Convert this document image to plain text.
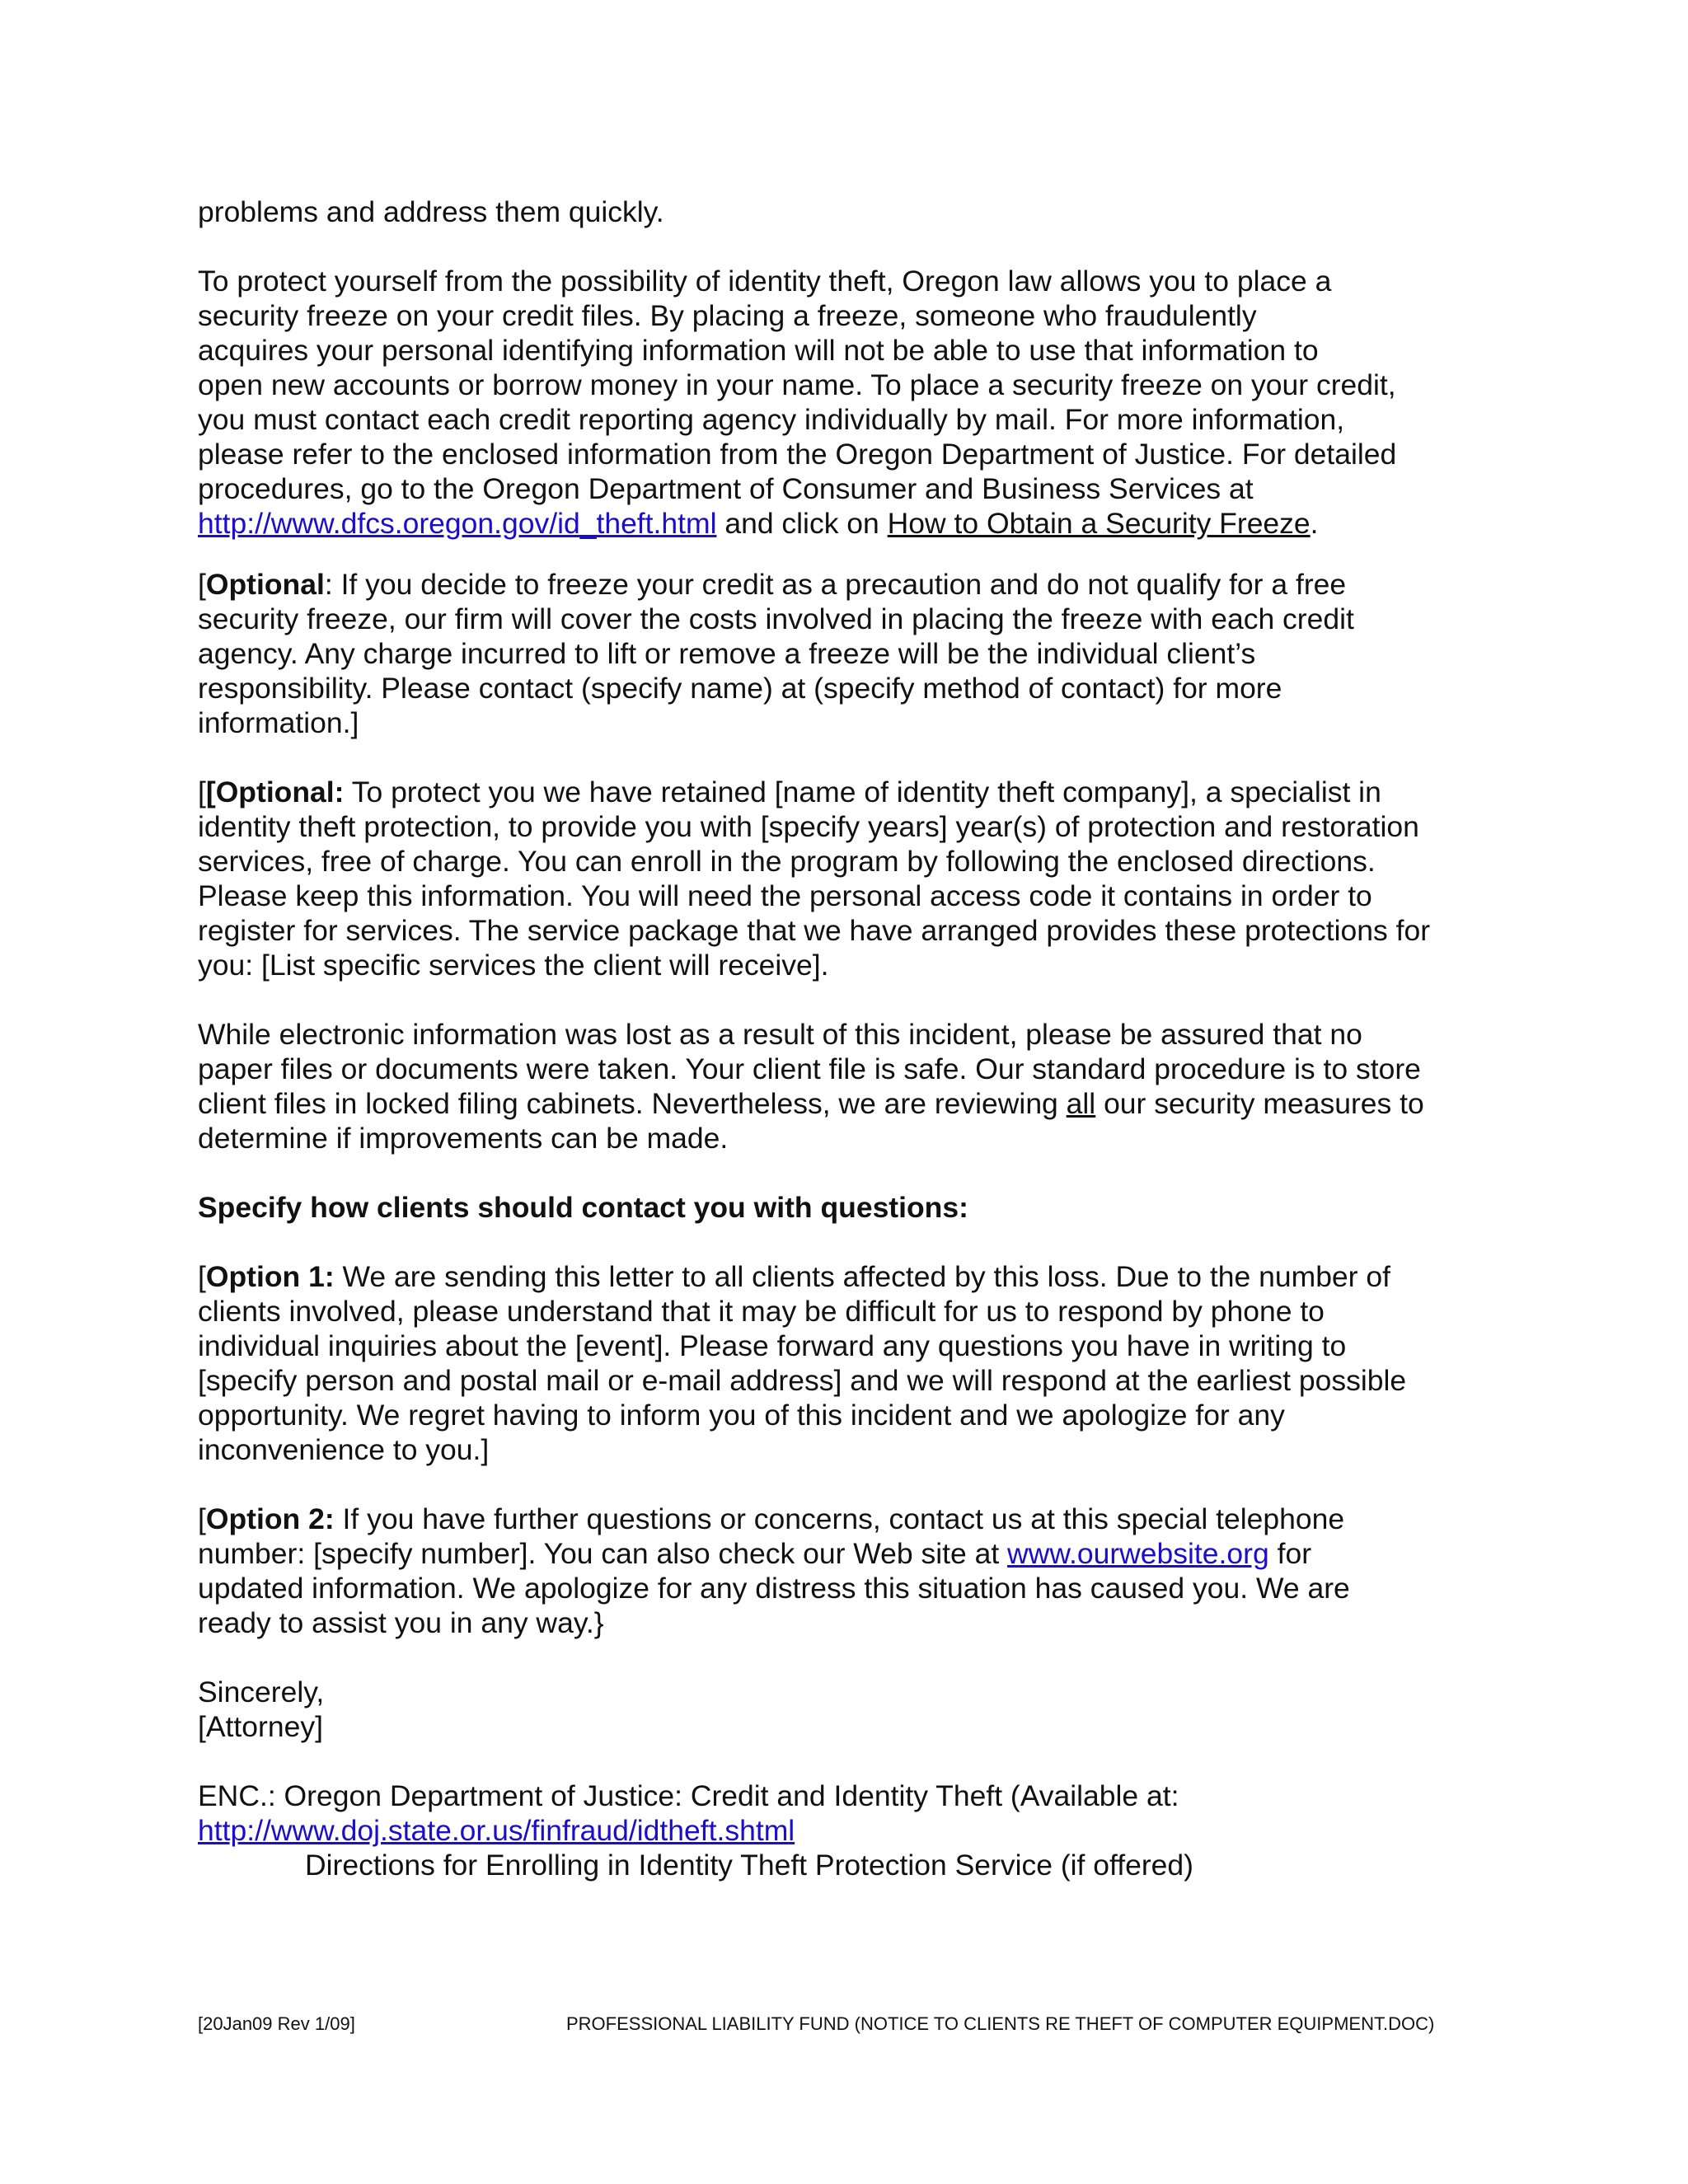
problems and address them quickly.

To protect yourself from the possibility of identity theft, Oregon law allows you to place a
security freeze on your credit files. By placing a freeze, someone who fraudulently
acquires your personal identifying information will not be able to use that information to
open new accounts or borrow money in your name. To place a security freeze on your credit,
you must contact each credit reporting agency individually by mail. For more information,
please refer to the enclosed information from the Oregon Department of Justice. For detailed
procedures, go to the Oregon Department of Consumer and Business Services at
http://www.dfcs.oregon.gov/id_theft.html and click on How to Obtain a Security Freeze.

[Optional: If you decide to freeze your credit as a precaution and do not qualify for a free
security freeze, our firm will cover the costs involved in placing the freeze with each credit
agency. Any charge incurred to lift or remove a freeze will be the individual client’s
responsibility. Please contact (specify name) at (specify method of contact) for more
information.]

[[Optional: To protect you we have retained [name of identity theft company], a specialist in
identity theft protection, to provide you with [specify years] year(s) of protection and restoration
services, free of charge. You can enroll in the program by following the enclosed directions.
Please keep this information. You will need the personal access code it contains in order to
register for services. The service package that we have arranged provides these protections for
you: [List specific services the client will receive].

While electronic information was lost as a result of this incident, please be assured that no
paper files or documents were taken. Your client file is safe. Our standard procedure is to store
client files in locked filing cabinets. Nevertheless, we are reviewing all our security measures to
determine if improvements can be made.

Specify how clients should contact you with questions:

[Option 1: We are sending this letter to all clients affected by this loss. Due to the number of
clients involved, please understand that it may be difficult for us to respond by phone to
individual inquiries about the [event]. Please forward any questions you have in writing to
[specify person and postal mail or e-mail address] and we will respond at the earliest possible
opportunity. We regret having to inform you of this incident and we apologize for any
inconvenience to you.]

[Option 2: If you have further questions or concerns, contact us at this special telephone
number: [specify number]. You can also check our Web site at www.ourwebsite.org for
updated information. We apologize for any distress this situation has caused you. We are
ready to assist you in any way.}

Sincerely,
[Attorney]

ENC.: Oregon Department of Justice: Credit and Identity Theft (Available at:
http://www.doj.state.or.us/finfraud/idtheft.shtml
Directions for Enrolling in Identity Theft Protection Service (if offered)

[20Jan09 Rev 1/09]	PROFESSIONAL LIABILITY FUND (NOTICE TO CLIENTS RE THEFT OF COMPUTER EQUIPMENT.DOC)
